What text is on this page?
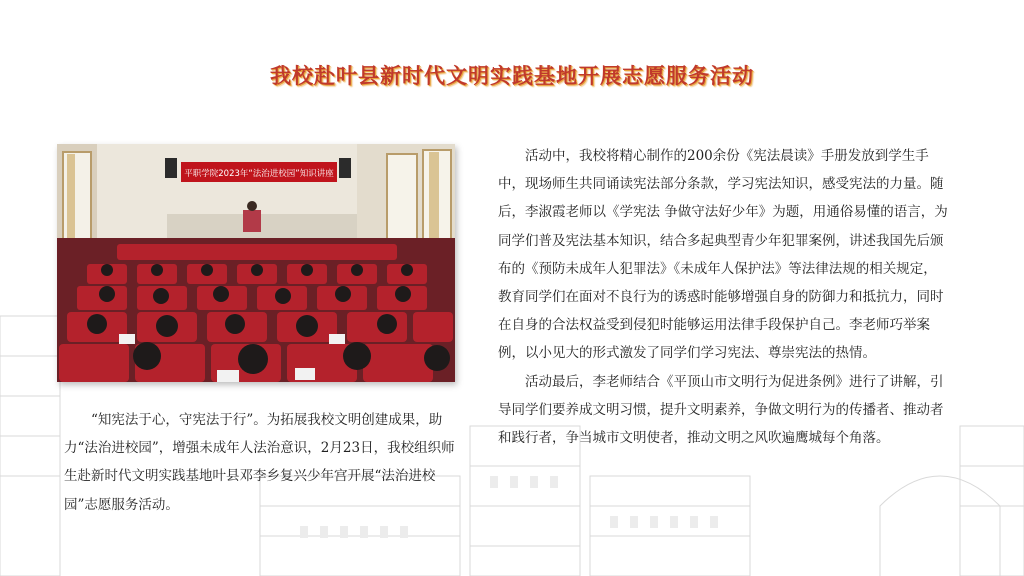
我校赴叶县新时代文明实践基地开展志愿服务活动
平职学院2023年“法治进校园”知识讲座

“知宪法于心，守宪法于行”。为拓展我校文明创建成果，助力“法治进校园”，增强未成年人法治意识，2月23日，我校组织师生赴新时代文明实践基地叶县邓李乡复兴少年宫开展“法治进校园”志愿服务活动。

活动中，我校将精心制作的200余份《宪法晨读》手册发放到学生手中，现场师生共同诵读宪法部分条款，学习宪法知识，感受宪法的力量。随后，李淑霞老师以《学宪法 争做守法好少年》为题，用通俗易懂的语言，为同学们普及宪法基本知识，结合多起典型青少年犯罪案例，讲述我国先后颁布的《预防未成年人犯罪法》《未成年人保护法》等法律法规的相关规定，教育同学们在面对不良行为的诱惑时能够增强自身的防御力和抵抗力，同时在自身的合法权益受到侵犯时能够运用法律手段保护自己。李老师巧举案例，以小见大的形式激发了同学们学习宪法、尊崇宪法的热情。

活动最后，李老师结合《平顶山市文明行为促进条例》进行了讲解，引导同学们要养成文明习惯，提升文明素养，争做文明行为的传播者、推动者和践行者，争当城市文明使者，推动文明之风吹遍鹰城每个角落。
